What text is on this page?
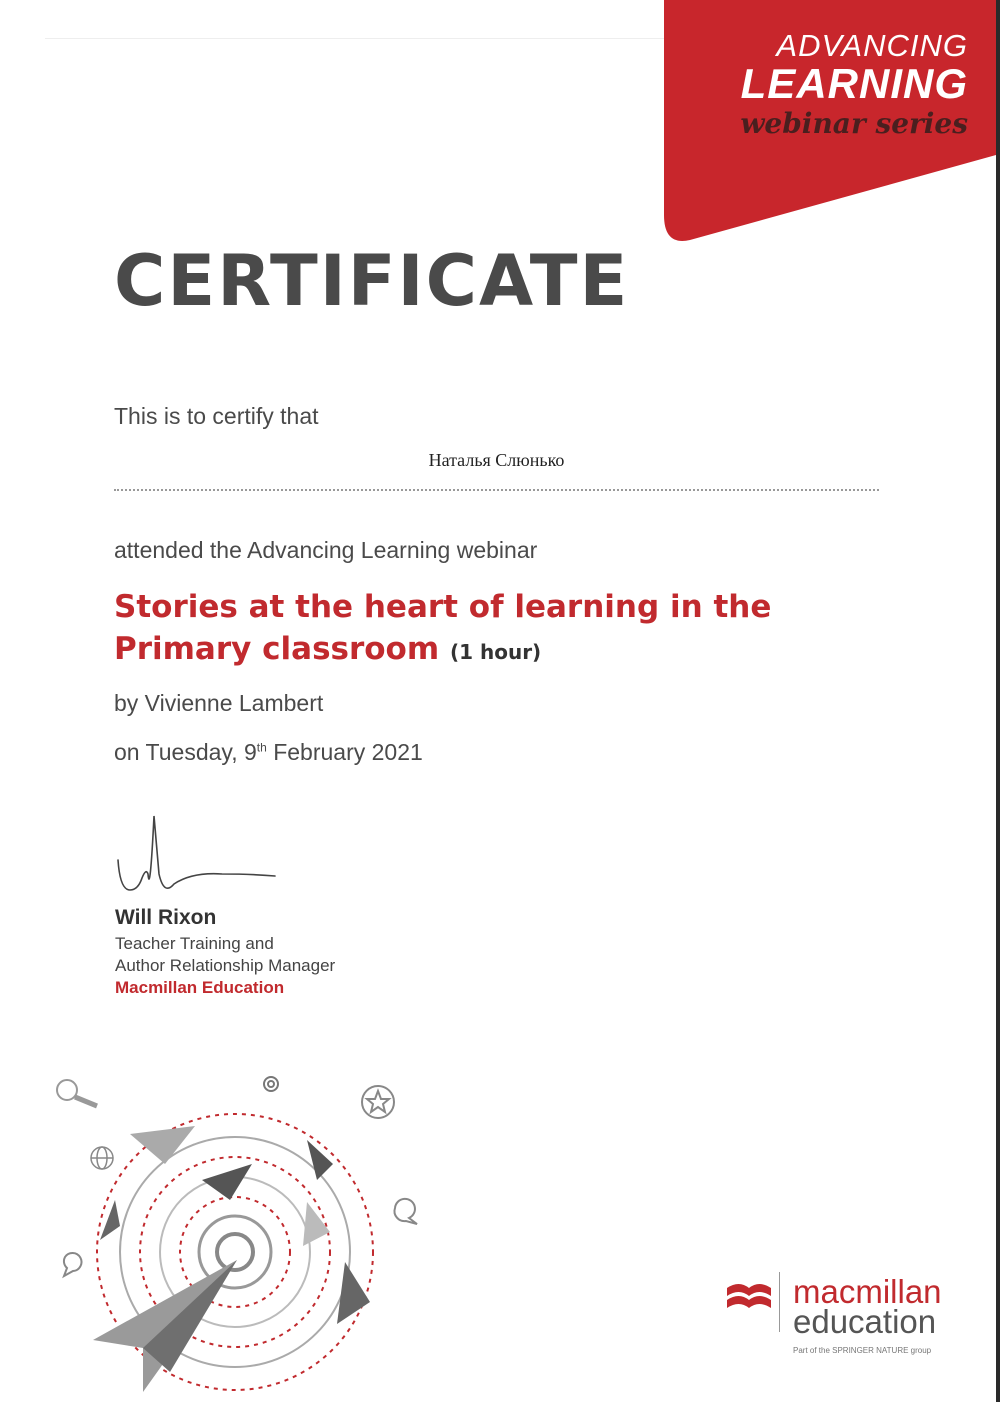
ADVANCING
LEARNING
webinar series
CERTIFICATE
This is to certify that
Наталья Слюнько
attended the Advancing Learning webinar
Stories at the heart of learning in the Primary classroom (1 hour)
by Vivienne Lambert
on Tuesday, 9th February 2021
Will Rixon
Teacher Training and
Author Relationship Manager
Macmillan Education
macmillan
education
Part of the SPRINGER NATURE group
